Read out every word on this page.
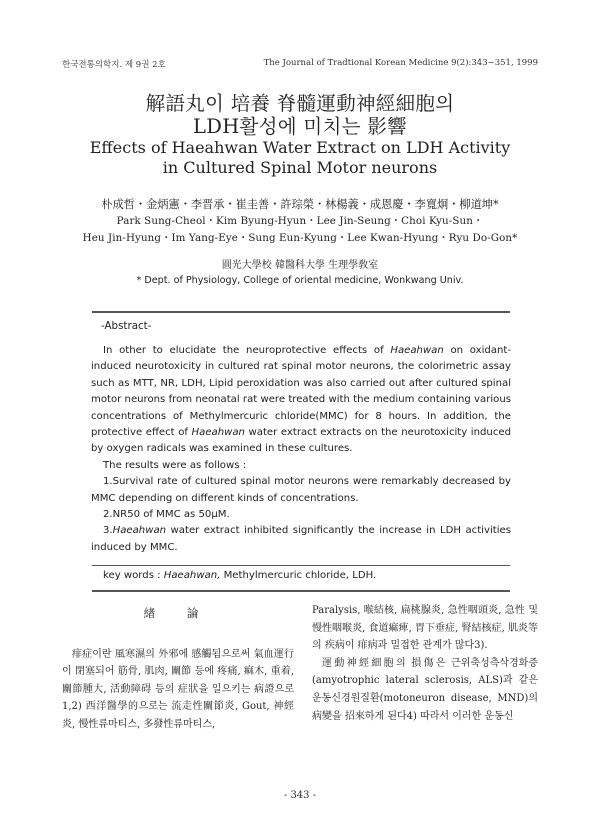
한국전통의학지. 제 9권 2호	The Journal of Tradtional Korean Medicine 9(2):343~351, 1999
解語丸이 培養 脊髓運動神經細胞의
LDH활성에 미치는 影響
Effects of Haeahwan Water Extract on LDH Activity
in Cultured Spinal Motor neurons
朴成哲・金炳憲・李晋承・崔圭善・許琮榮・林楊義・成恩慶・李寬炯・柳道坤*
Park Sung-Cheol・Kim Byung-Hyun・Lee Jin-Seung・Choi Kyu-Sun・
Heu Jin-Hyung・Im Yang-Eye・Sung Eun-Kyung・Lee Kwan-Hyung・Ryu Do-Gon*
圓光大學校 韓醫科大學 生理學敎室
* Dept. of Physiology, College of oriental medicine, Wonkwang Univ.
-Abstract-

In other to elucidate the neuroprotective effects of Haeahwan on oxidant-induced neurotoxicity in cultured rat spinal motor neurons, the colorimetric assay such as MTT, NR, LDH, Lipid peroxidation was also carried out after cultured spinal motor neurons from neonatal rat were treated with the medium containing various concentrations of Methylmercuric chloride(MMC) for 8 hours. In addition, the protective effect of Haeahwan water extract extracts on the neurotoxicity induced by oxygen radicals was examined in these cultures.

The results were as follows :

1.Survival rate of cultured spinal motor neurons were remarkably decreased by MMC depending on different kinds of concentrations.

2.NR50 of MMC as 50μM.

3.Haeahwan water extract inhibited significantly the increase in LDH activities induced by MMC.

key words : Haeahwan, Methylmercuric chloride, LDH.
緖 論

痱症이란 風寒濕의 外邪에 感觸됨으로써 氣血運行이 閉塞되어 筋骨, 肌肉, 關節 등에 疼痛, 痲木, 重着, 關節腫大, 活動障碍 등의 症狀을 일으키는 病證으로1,2) 西洋醫學的으로는 流走性關節炎, Gout, 神經炎, 慢性류마티스, 多發性류마티스,

Paralysis, 喉結核, 扁桃腺炎, 急性咽頭炎, 急性 및 慢性咽喉炎, 食道痲痺, 胃下垂症, 腎結核症, 肌炎等의 疾病이 痱病과 밀접한 관계가 많다3).

運動神經細胞의 損傷은 근위축성측삭경화증(amyotrophic lateral sclerosis, ALS)과 같은 운동신경원질환(motoneuron disease, MND)의 病變을 招來하게 된다4) 따라서 이러한 운동신

- 343 -
